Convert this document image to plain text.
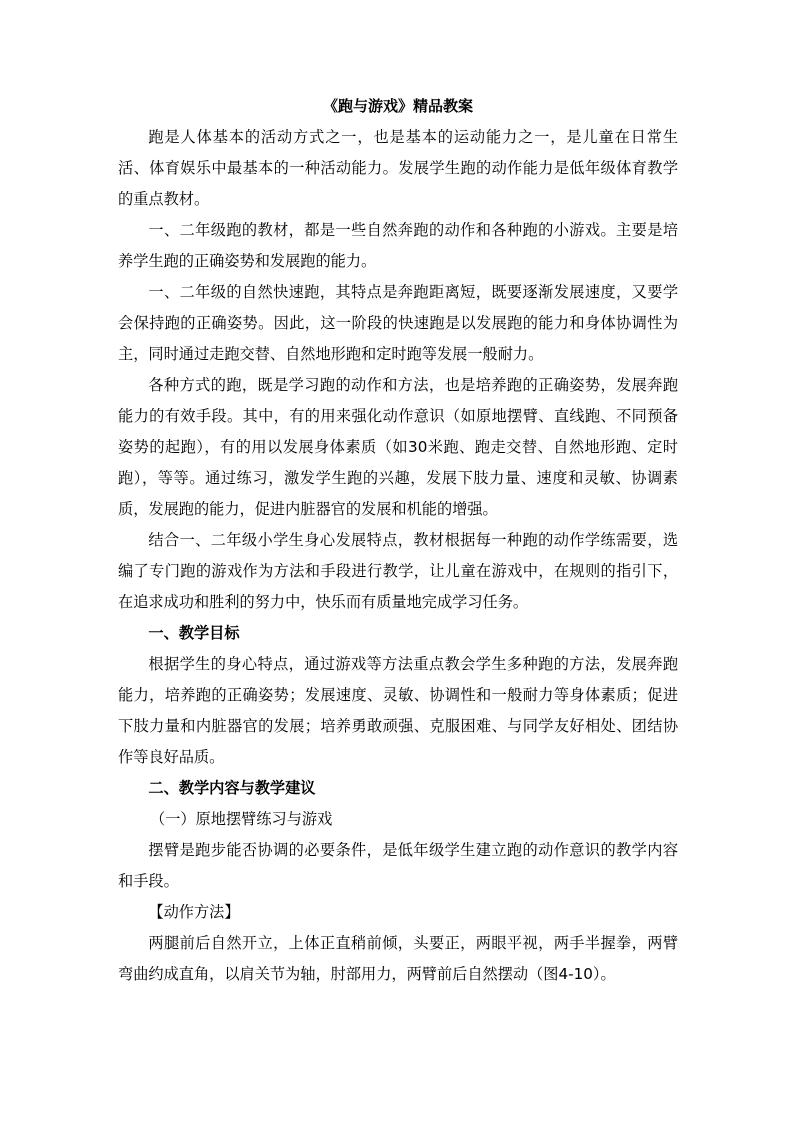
《跑与游戏》精品教案

跑是人体基本的活动方式之一，也是基本的运动能力之一，是儿童在日常生活、体育娱乐中最基本的一种活动能力。发展学生跑的动作能力是低年级体育教学的重点教材。

一、二年级跑的教材，都是一些自然奔跑的动作和各种跑的小游戏。主要是培养学生跑的正确姿势和发展跑的能力。

一、二年级的自然快速跑，其特点是奔跑距离短，既要逐渐发展速度，又要学会保持跑的正确姿势。因此，这一阶段的快速跑是以发展跑的能力和身体协调性为主，同时通过走跑交替、自然地形跑和定时跑等发展一般耐力。

各种方式的跑，既是学习跑的动作和方法，也是培养跑的正确姿势，发展奔跑能力的有效手段。其中，有的用来强化动作意识（如原地摆臂、直线跑、不同预备姿势的起跑），有的用以发展身体素质（如30米跑、跑走交替、自然地形跑、定时跑），等等。通过练习，激发学生跑的兴趣，发展下肢力量、速度和灵敏、协调素质，发展跑的能力，促进内脏器官的发展和机能的增强。

结合一、二年级小学生身心发展特点，教材根据每一种跑的动作学练需要，选编了专门跑的游戏作为方法和手段进行教学，让儿童在游戏中，在规则的指引下，在追求成功和胜利的努力中，快乐而有质量地完成学习任务。

一、教学目标

根据学生的身心特点，通过游戏等方法重点教会学生多种跑的方法，发展奔跑能力，培养跑的正确姿势；发展速度、灵敏、协调性和一般耐力等身体素质；促进下肢力量和内脏器官的发展；培养勇敢顽强、克服困难、与同学友好相处、团结协作等良好品质。

二、教学内容与教学建议

（一）原地摆臂练习与游戏

摆臂是跑步能否协调的必要条件，是低年级学生建立跑的动作意识的教学内容和手段。

【动作方法】

两腿前后自然开立，上体正直稍前倾，头要正，两眼平视，两手半握拳，两臂弯曲约成直角，以肩关节为轴，肘部用力，两臂前后自然摆动（图4-10）。
